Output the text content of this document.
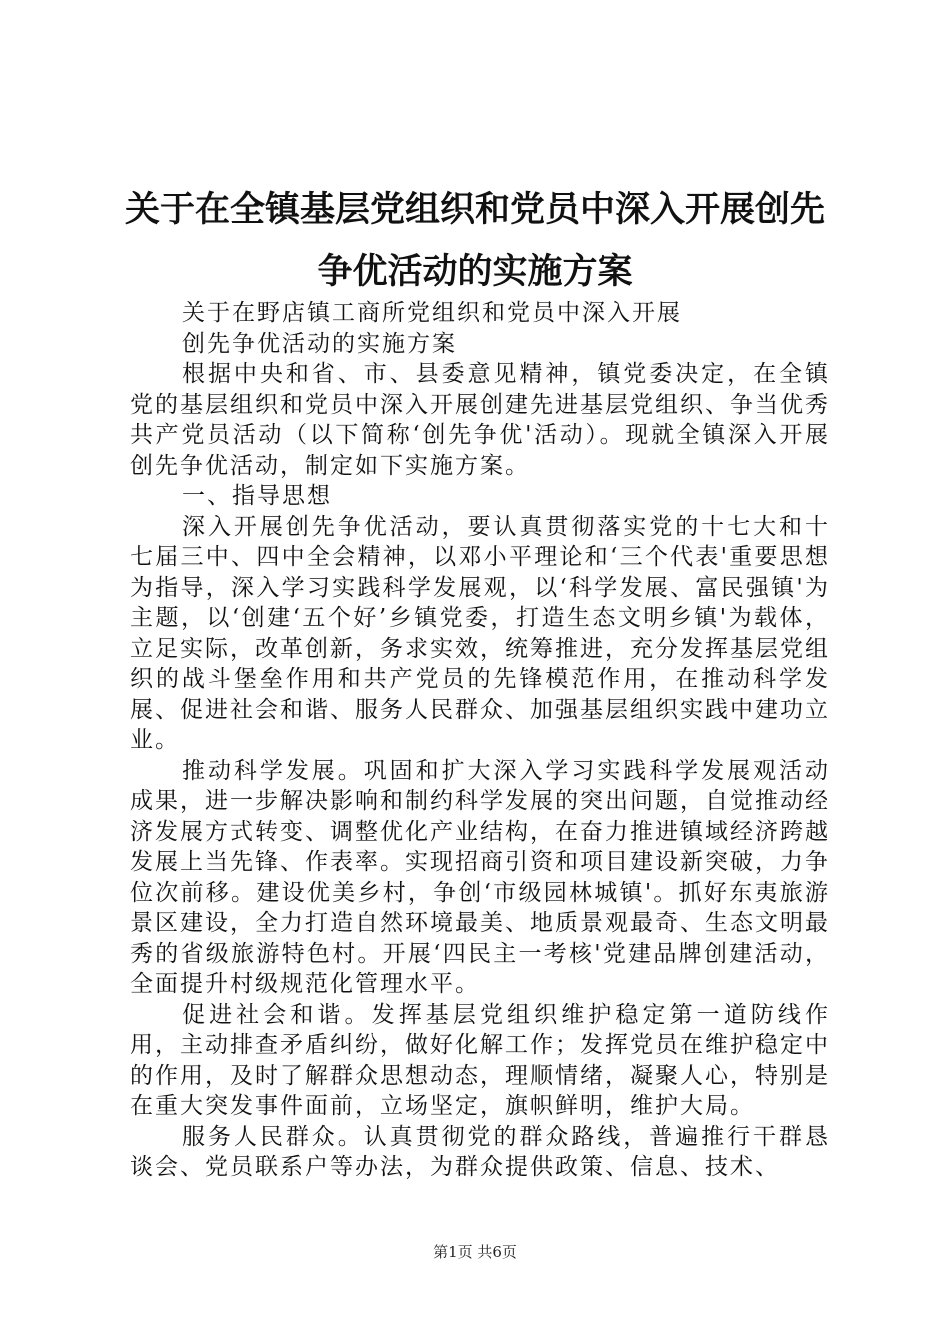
关于在全镇基层党组织和党员中深入开展创先
争优活动的实施方案

关于在野店镇工商所党组织和党员中深入开展

创先争优活动的实施方案

根据中央和省、市、县委意见精神，镇党委决定，在全镇党的基层组织和党员中深入开展创建先进基层党组织、争当优秀共产党员活动（以下简称‘创先争优'活动）。现就全镇深入开展创先争优活动，制定如下实施方案。

一、指导思想

深入开展创先争优活动，要认真贯彻落实党的十七大和十七届三中、四中全会精神，以邓小平理论和‘三个代表'重要思想为指导，深入学习实践科学发展观，以‘科学发展、富民强镇'为主题，以‘创建‘五个好’乡镇党委，打造生态文明乡镇'为载体，立足实际，改革创新，务求实效，统筹推进，充分发挥基层党组织的战斗堡垒作用和共产党员的先锋模范作用，在推动科学发展、促进社会和谐、服务人民群众、加强基层组织实践中建功立业。

推动科学发展。巩固和扩大深入学习实践科学发展观活动成果，进一步解决影响和制约科学发展的突出问题，自觉推动经济发展方式转变、调整优化产业结构，在奋力推进镇域经济跨越发展上当先锋、作表率。实现招商引资和项目建设新突破，力争位次前移。建设优美乡村，争创‘市级园林城镇'。抓好东夷旅游景区建设，全力打造自然环境最美、地质景观最奇、生态文明最秀的省级旅游特色村。开展‘四民主一考核'党建品牌创建活动，全面提升村级规范化管理水平。

促进社会和谐。发挥基层党组织维护稳定第一道防线作用，主动排查矛盾纠纷，做好化解工作；发挥党员在维护稳定中的作用，及时了解群众思想动态，理顺情绪，凝聚人心，特别是在重大突发事件面前，立场坚定，旗帜鲜明，维护大局。

服务人民群众。认真贯彻党的群众路线，普遍推行干群恳谈会、党员联系户等办法，为群众提供政策、信息、技术、

第1页 共6页
